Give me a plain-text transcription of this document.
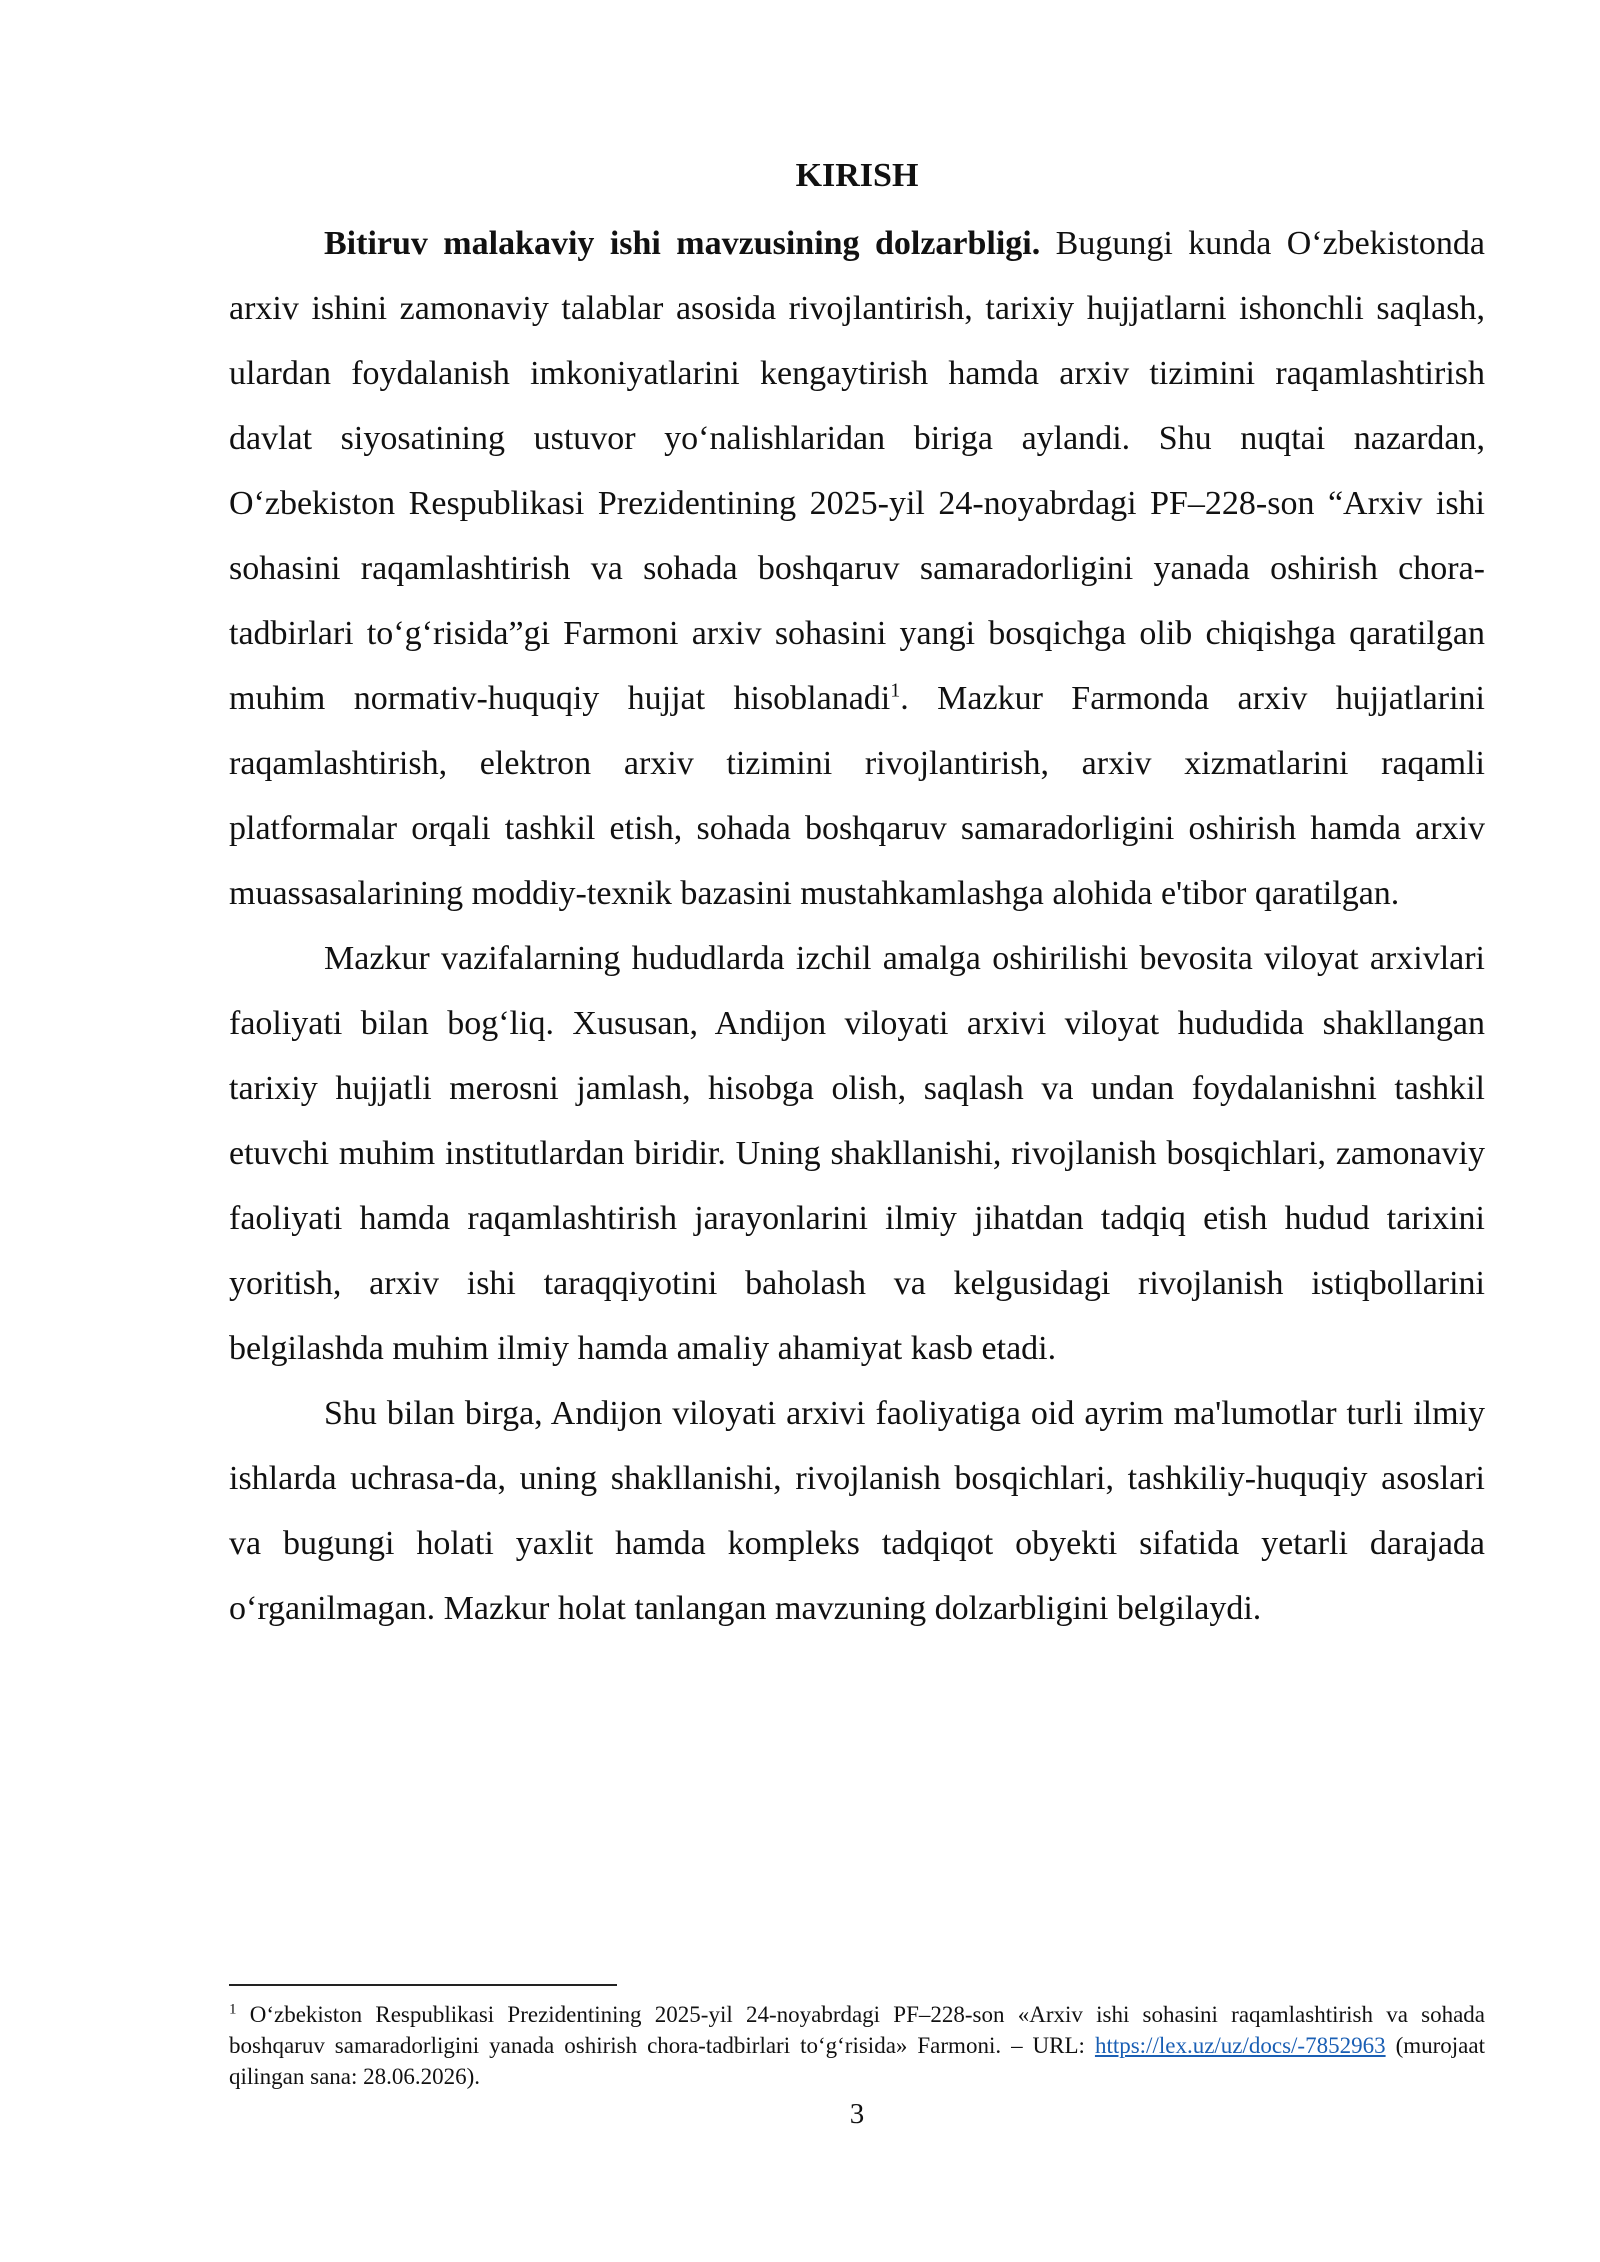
KIRISH

Bitiruv malakaviy ishi mavzusining dolzarbligi. Bugungi kunda O‘zbekistonda arxiv ishini zamonaviy talablar asosida rivojlantirish, tarixiy hujjatlarni ishonchli saqlash, ulardan foydalanish imkoniyatlarini kengaytirish hamda arxiv tizimini raqamlashtirish davlat siyosatining ustuvor yo‘nalishlaridan biriga aylandi. Shu nuqtai nazardan, O‘zbekiston Respublikasi Prezidentining 2025-yil 24-noyabrdagi PF–228-son “Arxiv ishi sohasini raqamlashtirish va sohada boshqaruv samaradorligini yanada oshirish chora-tadbirlari to‘g‘risida”gi Farmoni arxiv sohasini yangi bosqichga olib chiqishga qaratilgan muhim normativ-huquqiy hujjat hisoblanadi$^1$. Mazkur Farmonda arxiv hujjatlarini raqamlashtirish, elektron arxiv tizimini rivojlantirish, arxiv xizmatlarini raqamli platformalar orqali tashkil etish, sohada boshqaruv samaradorligini oshirish hamda arxiv muassasalarining moddiy-texnik bazasini mustahkamlashga alohida e'tibor qaratilgan.

Mazkur vazifalarning hududlarda izchil amalga oshirilishi bevosita viloyat arxivlari faoliyati bilan bog‘liq. Xususan, Andijon viloyati arxivi viloyat hududida shakllangan tarixiy hujjatli merosni jamlash, hisobga olish, saqlash va undan foydalanishni tashkil etuvchi muhim institutlardan biridir. Uning shakllanishi, rivojlanish bosqichlari, zamonaviy faoliyati hamda raqamlashtirish jarayonlarini ilmiy jihatdan tadqiq etish hudud tarixini yoritish, arxiv ishi taraqqiyotini baholash va kelgusidagi rivojlanish istiqbollarini belgilashda muhim ilmiy hamda amaliy ahamiyat kasb etadi.

Shu bilan birga, Andijon viloyati arxivi faoliyatiga oid ayrim ma'lumotlar turli ilmiy ishlarda uchrasa-da, uning shakllanishi, rivojlanish bosqichlari, tashkiliy-huquqiy asoslari va bugungi holati yaxlit hamda kompleks tadqiqot obyekti sifatida yetarli darajada o‘rganilmagan. Mazkur holat tanlangan mavzuning dolzarbligini belgilaydi.

$^1$ O‘zbekiston Respublikasi Prezidentining 2025-yil 24-noyabrdagi PF–228-son «Arxiv ishi sohasini raqamlashtirish va sohada boshqaruv samaradorligini yanada oshirish chora-tadbirlari to‘g‘risida» Farmoni. – URL: https://lex.uz/uz/docs/-7852963 (murojaat qilingan sana: 28.06.2026).

3
